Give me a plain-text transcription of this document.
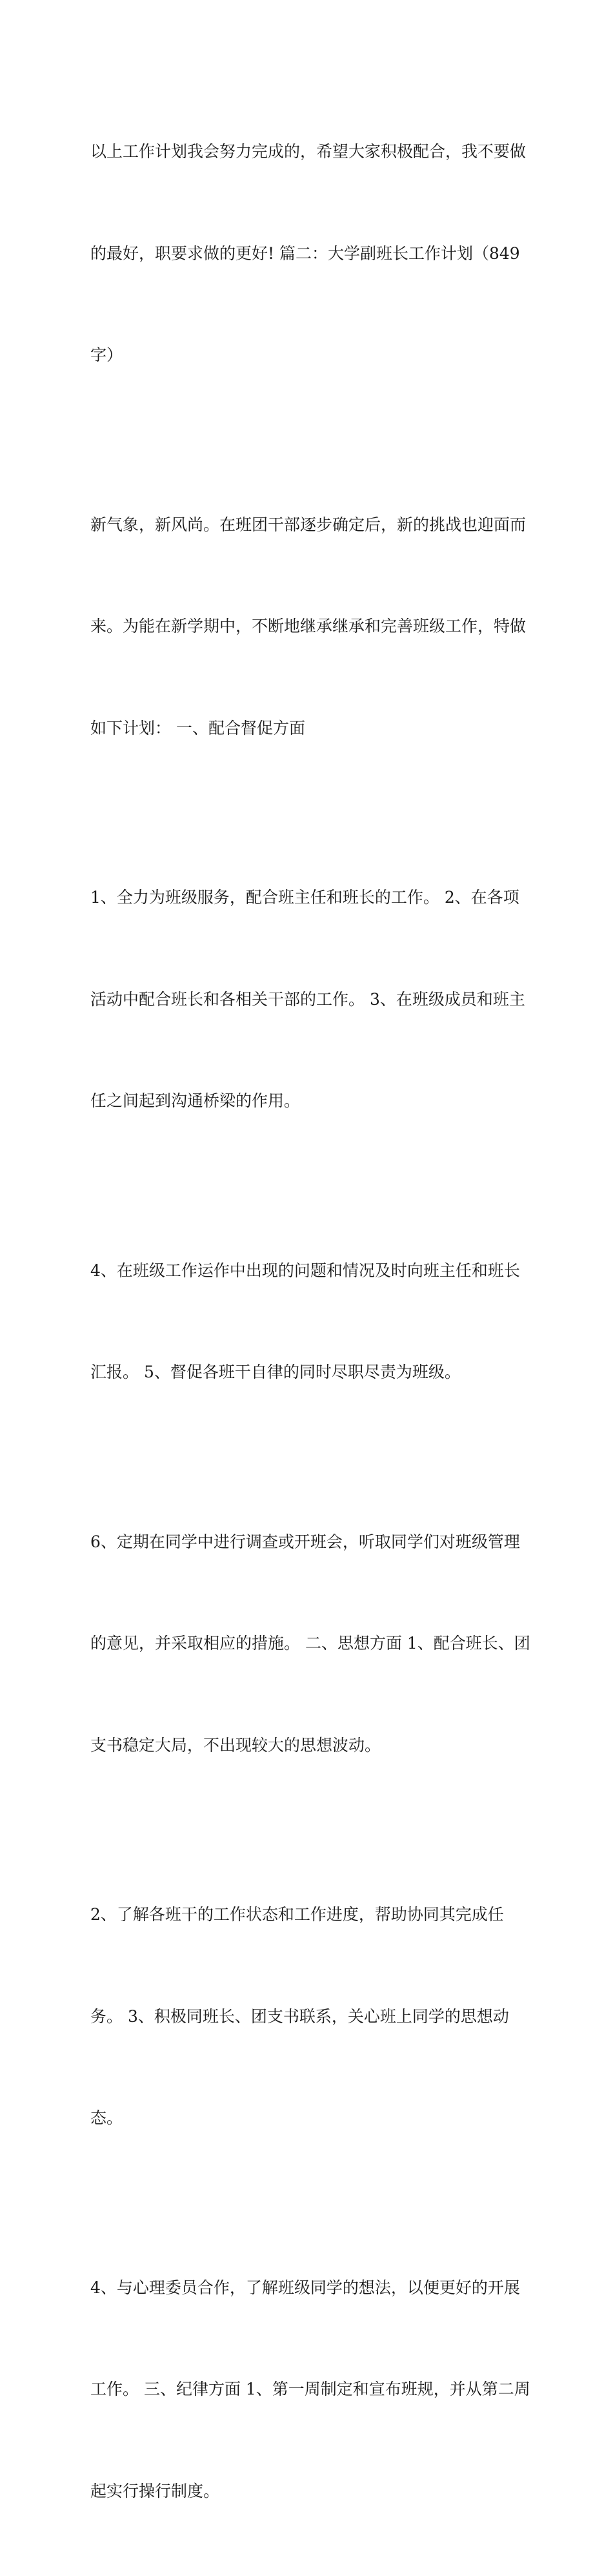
以上工作计划我会努力完成的，希望大家积极配合，我不要做

的最好，职要求做的更好! 篇二：大学副班长工作计划（849

字）

新气象，新风尚。在班团干部逐步确定后，新的挑战也迎面而

来。为能在新学期中，不断地继承继承和完善班级工作，特做

如下计划： 一、配合督促方面

1、全力为班级服务，配合班主任和班长的工作。 2、在各项

活动中配合班长和各相关干部的工作。 3、在班级成员和班主

任之间起到沟通桥梁的作用。

4、在班级工作运作中出现的问题和情况及时向班主任和班长

汇报。 5、督促各班干自律的同时尽职尽责为班级。

6、定期在同学中进行调查或开班会，听取同学们对班级管理

的意见，并采取相应的措施。 二、思想方面 1、配合班长、团

支书稳定大局，不出现较大的思想波动。

2、了解各班干的工作状态和工作进度，帮助协同其完成任

务。 3、积极同班长、团支书联系，关心班上同学的思想动

态。

4、与心理委员合作，了解班级同学的想法，以便更好的开展

工作。 三、纪律方面 1、第一周制定和宣布班规，并从第二周

起实行操行制度。
